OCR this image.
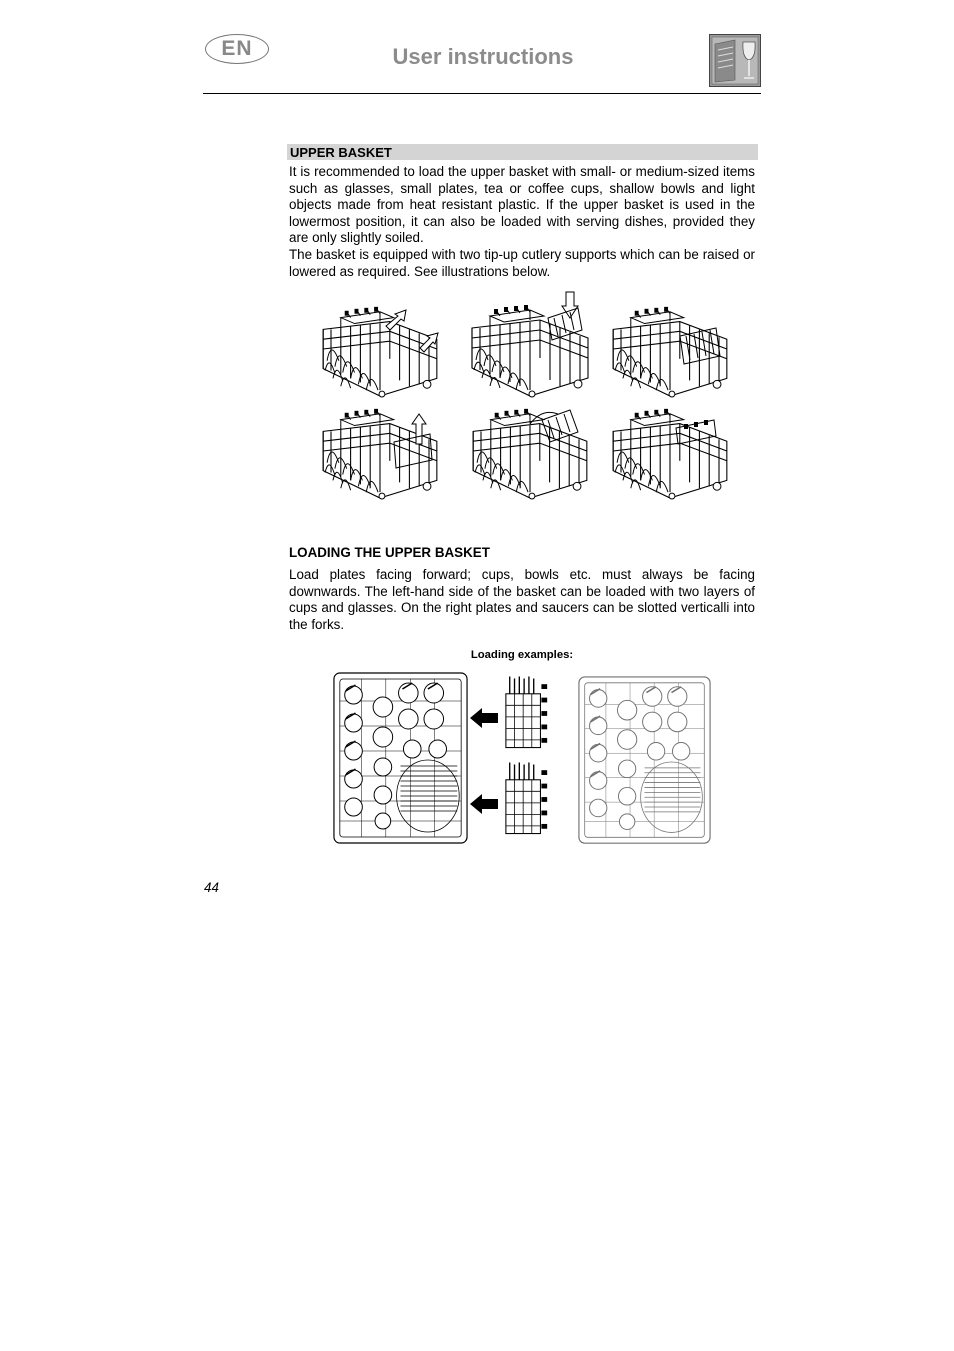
EN	User instructions
UPPER BASKET

It is recommended to load the upper basket with small- or medium-sized items such as glasses, small plates, tea or coffee cups, shallow bowls and light objects made from heat resistant plastic. If the upper basket is used in the lowermost position, it can also be loaded with serving dishes, provided they are only slightly soiled.

The basket is equipped with two tip-up cutlery supports which can be raised or lowered as required. See illustrations below.

LOADING THE UPPER BASKET

Load plates facing forward; cups, bowls etc. must always be facing downwards. The left-hand side of the basket can be loaded with two layers of cups and glasses. On the right plates and saucers can be slotted verticalli into the forks.

Loading examples:
44
